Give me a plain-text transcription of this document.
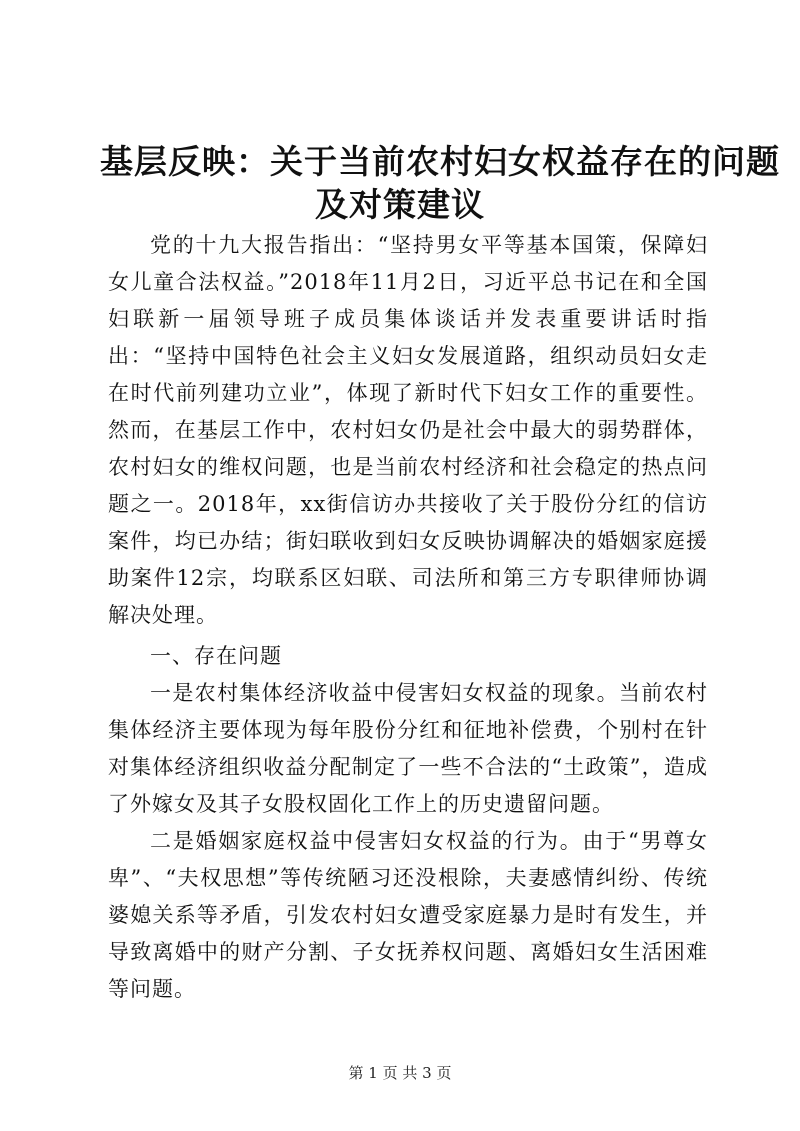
基层反映：关于当前农村妇女权益存在的问题
及对策建议

党的十九大报告指出：“坚持男女平等基本国策，保障妇女儿童合法权益。”2018年11月2日，习近平总书记在和全国妇联新一届领导班子成员集体谈话并发表重要讲话时指出：“坚持中国特色社会主义妇女发展道路，组织动员妇女走在时代前列建功立业”，体现了新时代下妇女工作的重要性。然而，在基层工作中，农村妇女仍是社会中最大的弱势群体，农村妇女的维权问题，也是当前农村经济和社会稳定的热点问题之一。2018年，xx街信访办共接收了关于股份分红的信访案件，均已办结；街妇联收到妇女反映协调解决的婚姻家庭援助案件12宗，均联系区妇联、司法所和第三方专职律师协调解决处理。

一、存在问题

一是农村集体经济收益中侵害妇女权益的现象。当前农村集体经济主要体现为每年股份分红和征地补偿费，个别村在针对集体经济组织收益分配制定了一些不合法的“土政策”，造成了外嫁女及其子女股权固化工作上的历史遗留问题。

二是婚姻家庭权益中侵害妇女权益的行为。由于“男尊女卑”、“夫权思想”等传统陋习还没根除，夫妻感情纠纷、传统婆媳关系等矛盾，引发农村妇女遭受家庭暴力是时有发生，并导致离婚中的财产分割、子女抚养权问题、离婚妇女生活困难等问题。

第 1 页 共 3 页
